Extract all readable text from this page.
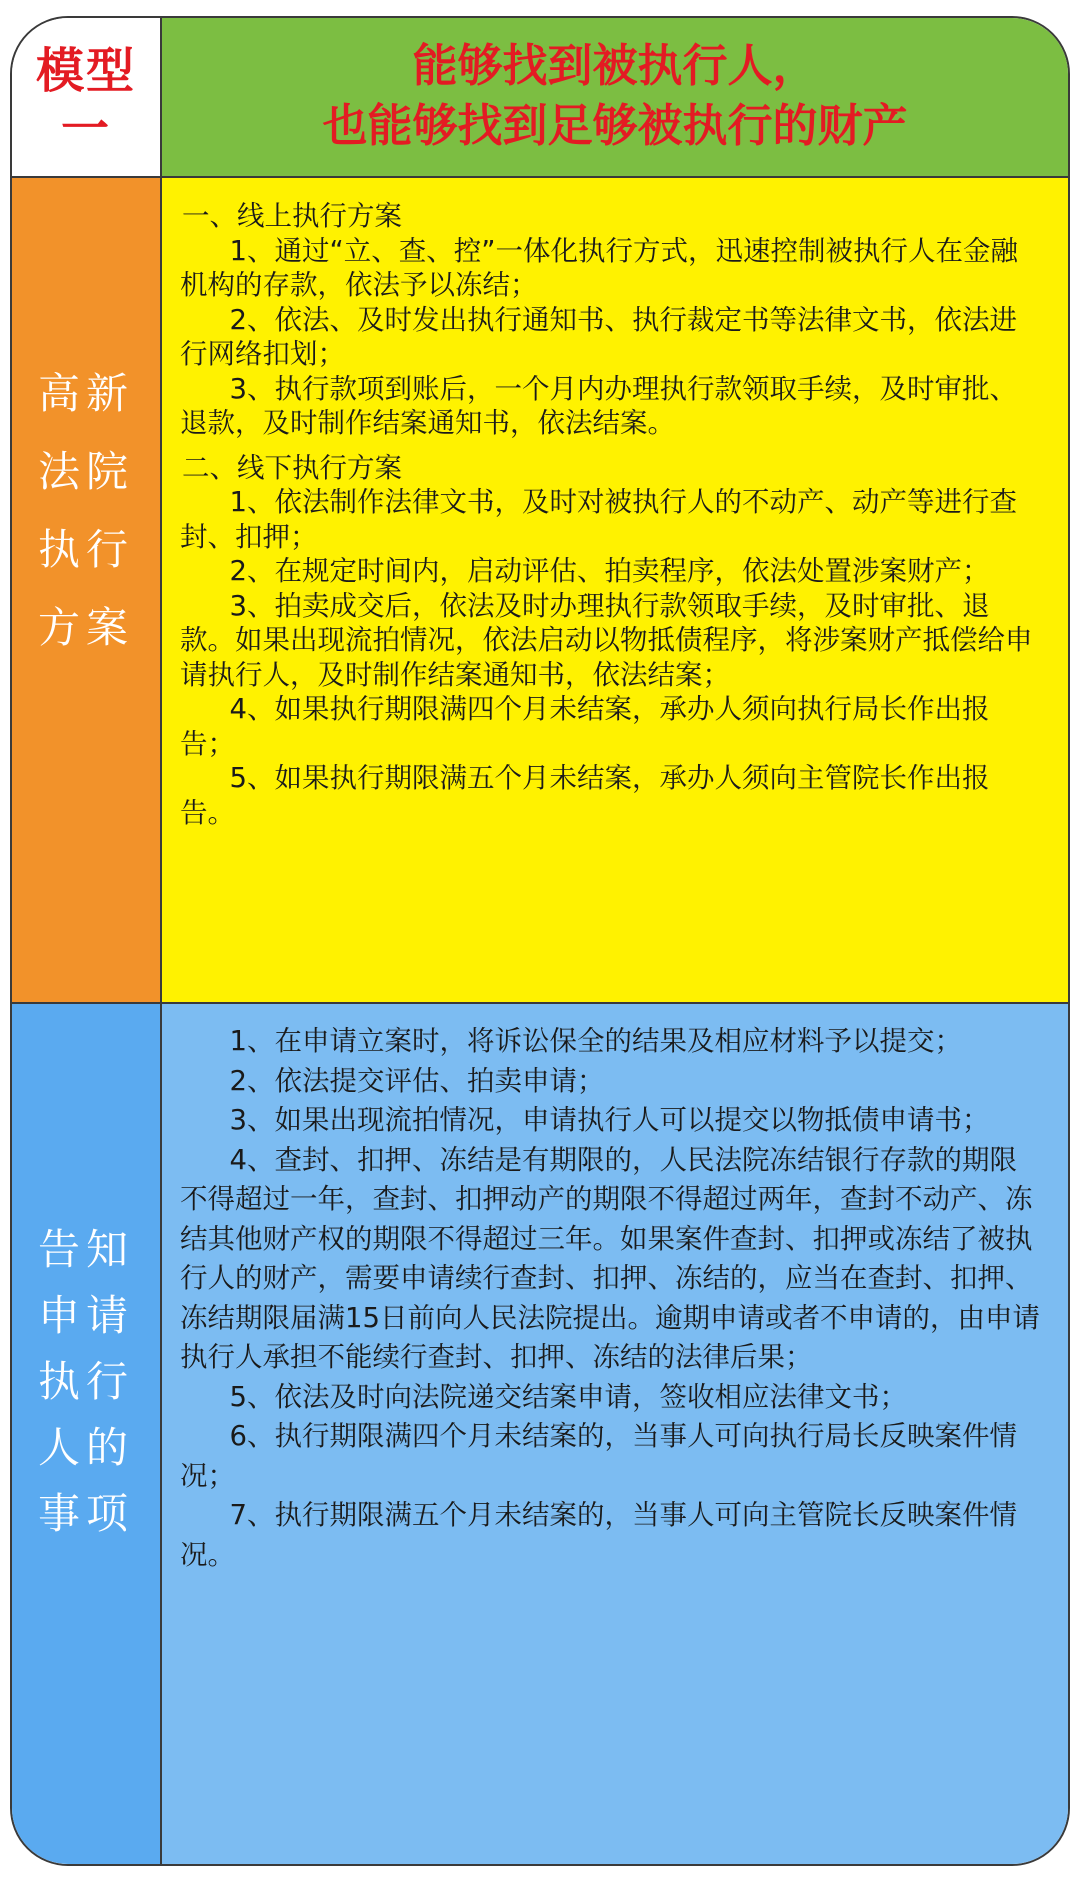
模型
一
能够找到被执行人，
也能够找到足够被执行的财产
高新
法院
执行
方案

一、线上执行方案

1、通过“立、查、控”一体化执行方式，迅速控制被执行人在金融机构的存款，依法予以冻结；

2、依法、及时发出执行通知书、执行裁定书等法律文书，依法进行网络扣划；

3、执行款项到账后，一个月内办理执行款领取手续，及时审批、退款，及时制作结案通知书，依法结案。

二、线下执行方案

1、依法制作法律文书，及时对被执行人的不动产、动产等进行查封、扣押；

2、在规定时间内，启动评估、拍卖程序，依法处置涉案财产；

3、拍卖成交后，依法及时办理执行款领取手续，及时审批、退款。如果出现流拍情况，依法启动以物抵债程序，将涉案财产抵偿给申请执行人，及时制作结案通知书，依法结案；

4、如果执行期限满四个月未结案，承办人须向执行局长作出报告；

5、如果执行期限满五个月未结案，承办人须向主管院长作出报告。

告知
申请
执行
人的
事项

1、在申请立案时，将诉讼保全的结果及相应材料予以提交；

2、依法提交评估、拍卖申请；

3、如果出现流拍情况，申请执行人可以提交以物抵债申请书；

4、查封、扣押、冻结是有期限的，人民法院冻结银行存款的期限不得超过一年，查封、扣押动产的期限不得超过两年，查封不动产、冻结其他财产权的期限不得超过三年。如果案件查封、扣押或冻结了被执行人的财产，需要申请续行查封、扣押、冻结的，应当在查封、扣押、冻结期限届满15日前向人民法院提出。逾期申请或者不申请的，由申请执行人承担不能续行查封、扣押、冻结的法律后果；

5、依法及时向法院递交结案申请，签收相应法律文书；

6、执行期限满四个月未结案的，当事人可向执行局长反映案件情况；

7、执行期限满五个月未结案的，当事人可向主管院长反映案件情况。
